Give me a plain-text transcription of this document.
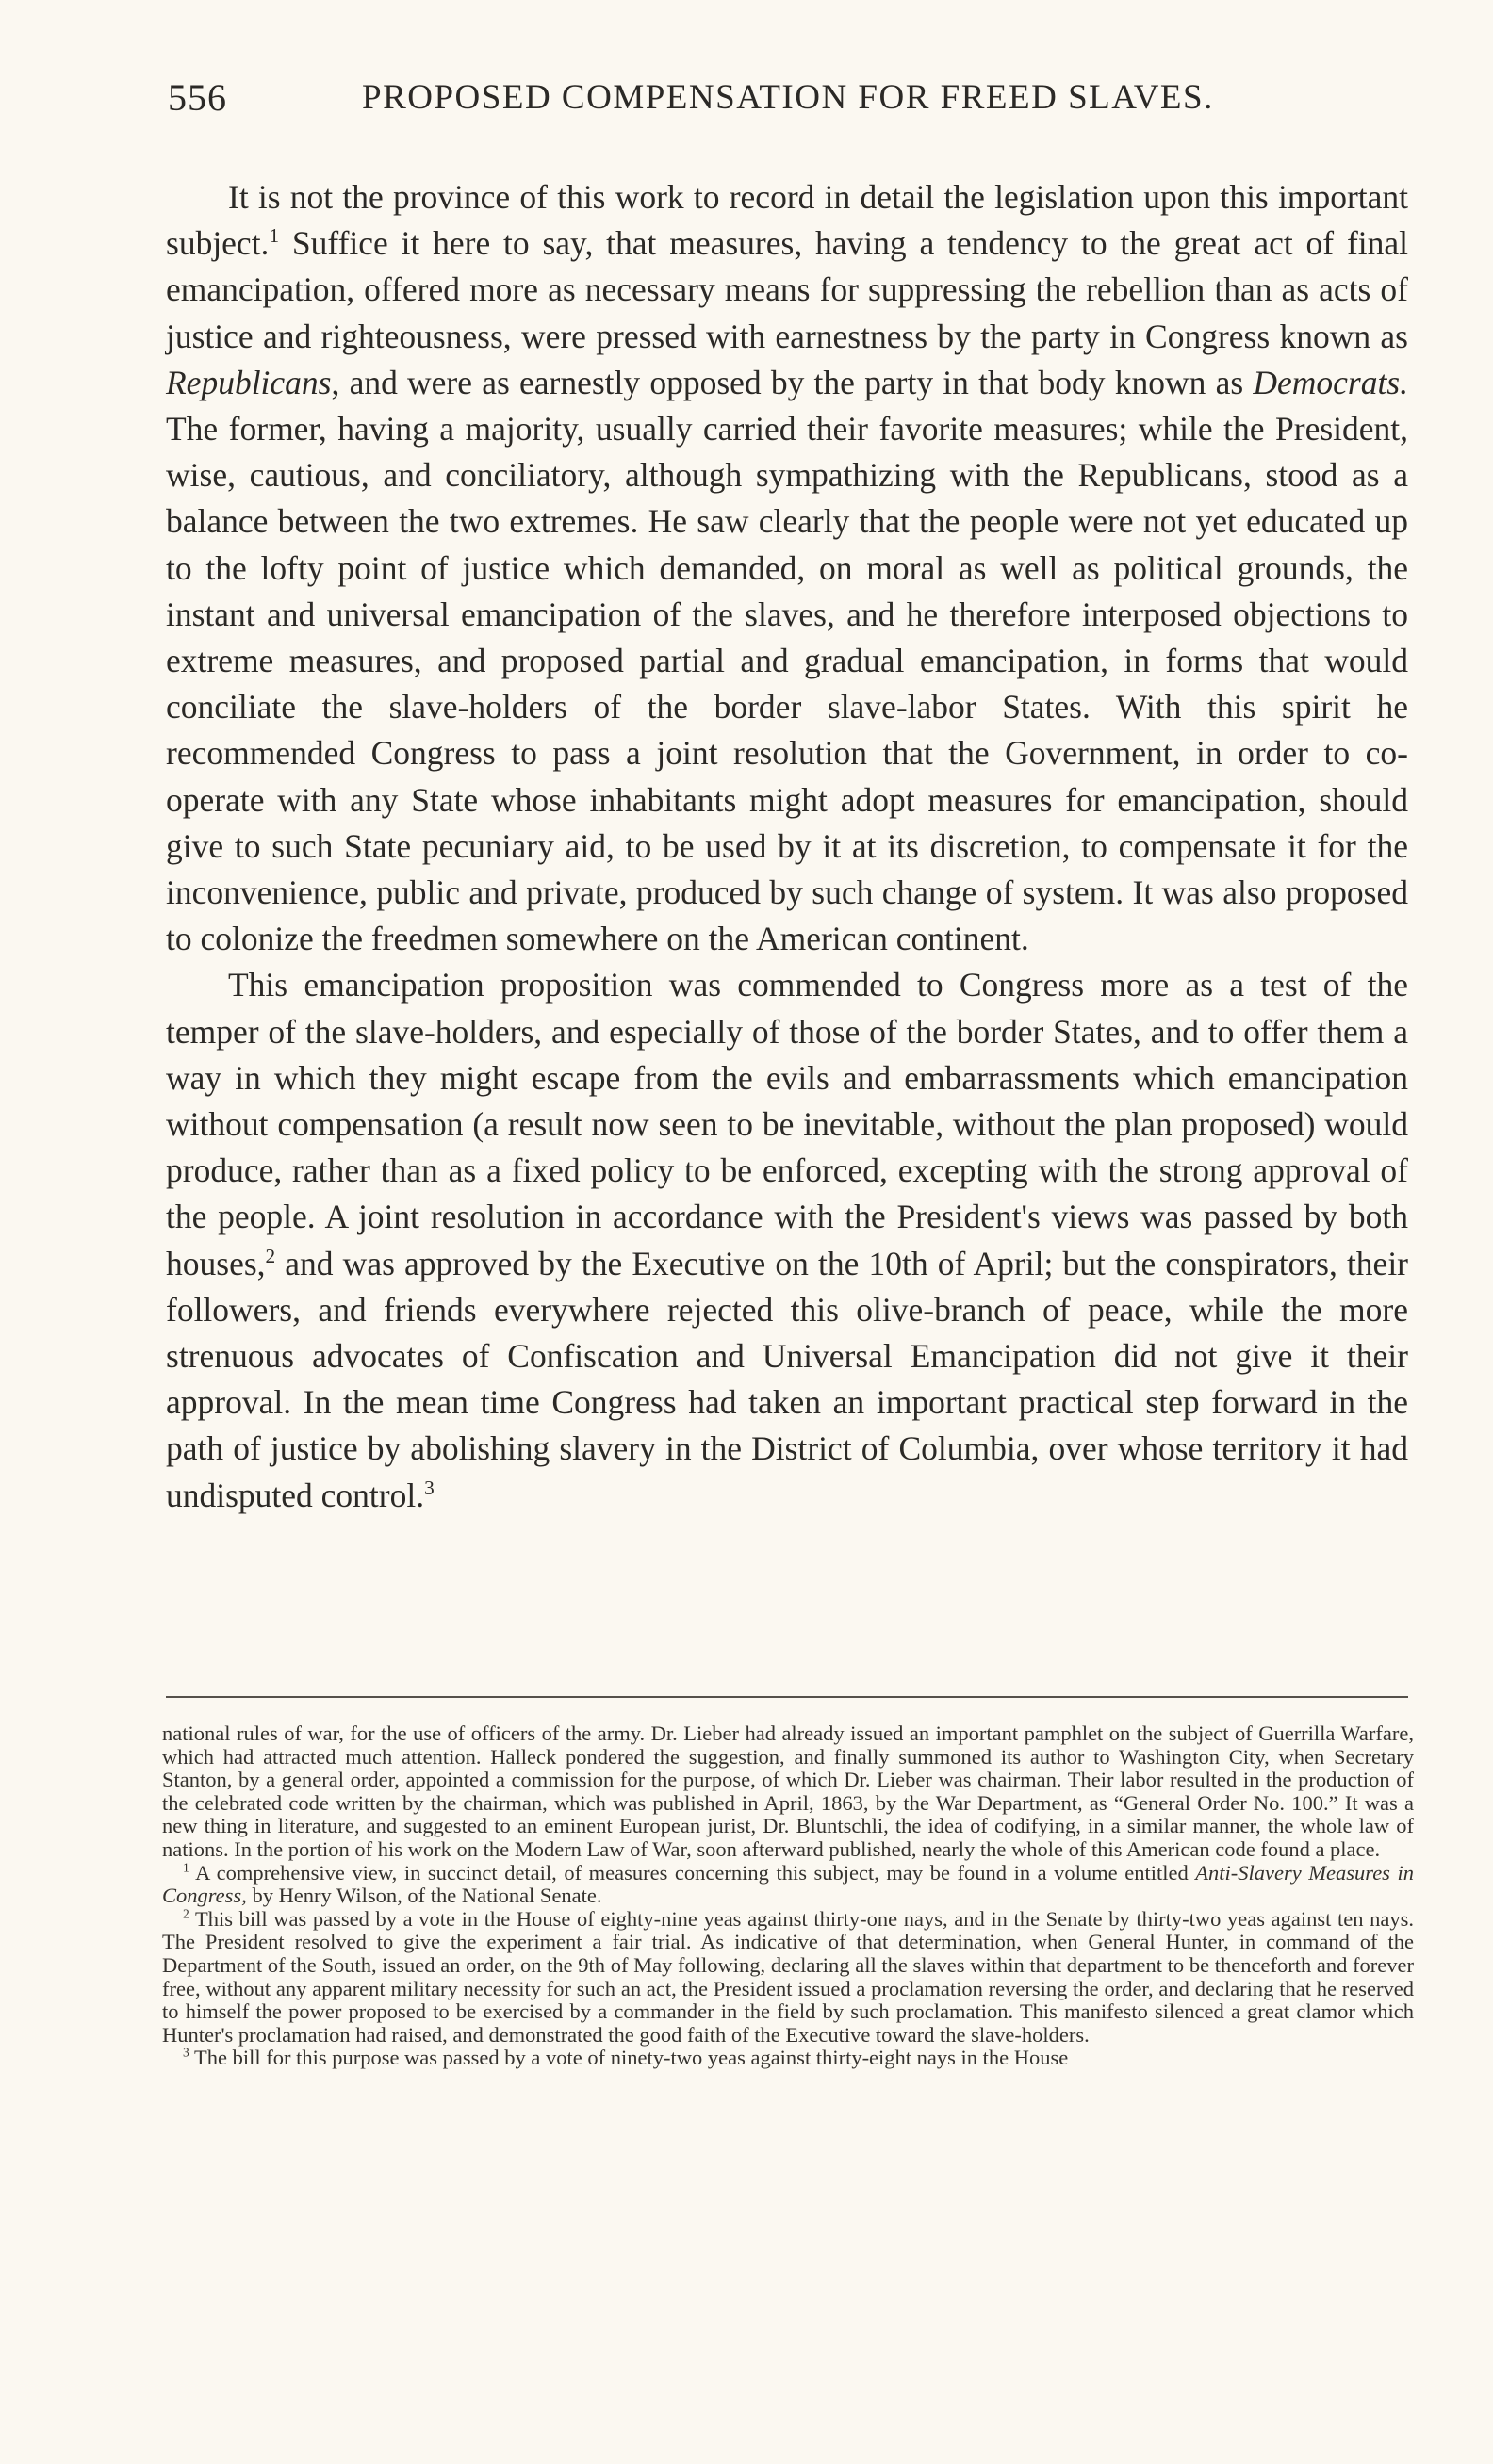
556	PROPOSED COMPENSATION FOR FREED SLAVES.

It is not the province of this work to record in detail the legislation upon this important subject.$^1$ Suffice it here to say, that measures, having a tendency to the great act of final emancipation, offered more as necessary means for suppressing the rebellion than as acts of justice and righteousness, were pressed with earnestness by the party in Congress known as Republicans, and were as earnestly opposed by the party in that body known as Democrats. The former, having a majority, usually carried their favorite measures; while the President, wise, cautious, and conciliatory, although sympathizing with the Republicans, stood as a balance between the two extremes. He saw clearly that the people were not yet educated up to the lofty point of justice which demanded, on moral as well as political grounds, the instant and universal emancipation of the slaves, and he therefore interposed objections to extreme measures, and proposed partial and gradual emancipation, in forms that would conciliate the slave-holders of the border slave-labor States. With this spirit he recommended Congress to pass a joint resolution that the Government, in order to co-operate with any State whose inhabitants might adopt measures for emancipation, should give to such State pecuniary aid, to be used by it at its discretion, to compensate it for the inconvenience, public and private, produced by such change of system. It was also proposed to colonize the freedmen somewhere on the American continent.

This emancipation proposition was commended to Congress more as a test of the temper of the slave-holders, and especially of those of the border States, and to offer them a way in which they might escape from the evils and embarrassments which emancipation without compensation (a result now seen to be inevitable, without the plan proposed) would produce, rather than as a fixed policy to be enforced, excepting with the strong approval of the people. A joint resolution in accordance with the President's views was passed by both houses,$^2$ and was approved by the Executive on the 10th of April; but the conspirators, their followers, and friends everywhere rejected this olive-branch of peace, while the more strenuous advocates of Confiscation and Universal Emancipation did not give it their approval. In the mean time Congress had taken an important practical step forward in the path of justice by abolishing slavery in the District of Columbia, over whose territory it had undisputed control.$^3$

national rules of war, for the use of officers of the army. Dr. Lieber had already issued an important pamphlet on the subject of Guerrilla Warfare, which had attracted much attention. Halleck pondered the suggestion, and finally summoned its author to Washington City, when Secretary Stanton, by a general order, appointed a commission for the purpose, of which Dr. Lieber was chairman. Their labor resulted in the production of the celebrated code written by the chairman, which was published in April, 1863, by the War Department, as “General Order No. 100.” It was a new thing in literature, and suggested to an eminent European jurist, Dr. Bluntschli, the idea of codifying, in a similar manner, the whole law of nations. In the portion of his work on the Modern Law of War, soon afterward published, nearly the whole of this American code found a place.

$^1$ A comprehensive view, in succinct detail, of measures concerning this subject, may be found in a volume entitled Anti-Slavery Measures in Congress, by Henry Wilson, of the National Senate.

$^2$ This bill was passed by a vote in the House of eighty-nine yeas against thirty-one nays, and in the Senate by thirty-two yeas against ten nays. The President resolved to give the experiment a fair trial. As indicative of that determination, when General Hunter, in command of the Department of the South, issued an order, on the 9th of May following, declaring all the slaves within that department to be thenceforth and forever free, without any apparent military necessity for such an act, the President issued a proclamation reversing the order, and declaring that he reserved to himself the power proposed to be exercised by a commander in the field by such proclamation. This manifesto silenced a great clamor which Hunter's proclamation had raised, and demonstrated the good faith of the Executive toward the slave-holders.

$^3$ The bill for this purpose was passed by a vote of ninety-two yeas against thirty-eight nays in the House
